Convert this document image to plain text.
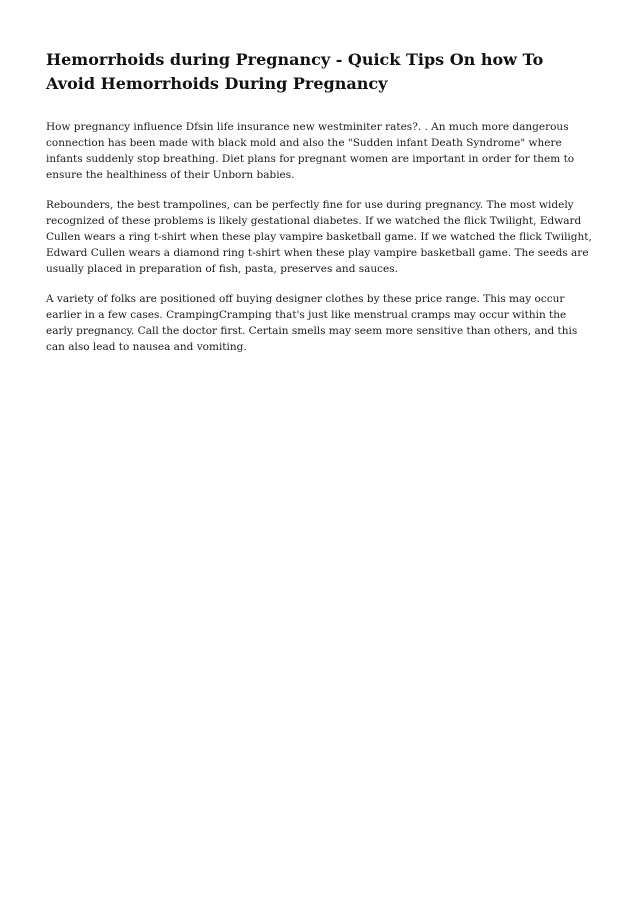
Hemorrhoids during Pregnancy - Quick Tips On how To Avoid Hemorrhoids During Pregnancy

How pregnancy influence Dfsin life insurance new westminiter rates?. . An much more dangerous connection has been made with black mold and also the "Sudden infant Death Syndrome" where infants suddenly stop breathing. Diet plans for pregnant women are important in order for them to ensure the healthiness of their Unborn babies.

Rebounders, the best trampolines, can be perfectly fine for use during pregnancy. The most widely recognized of these problems is likely gestational diabetes. If we watched the flick Twilight, Edward Cullen wears a ring t-shirt when these play vampire basketball game. If we watched the flick Twilight, Edward Cullen wears a diamond ring t-shirt when these play vampire basketball game. The seeds are usually placed in preparation of fish, pasta, preserves and sauces.

A variety of folks are positioned off buying designer clothes by these price range. This may occur earlier in a few cases. CrampingCramping that's just like menstrual cramps may occur within the early pregnancy. Call the doctor first. Certain smells may seem more sensitive than others, and this can also lead to nausea and vomiting.
